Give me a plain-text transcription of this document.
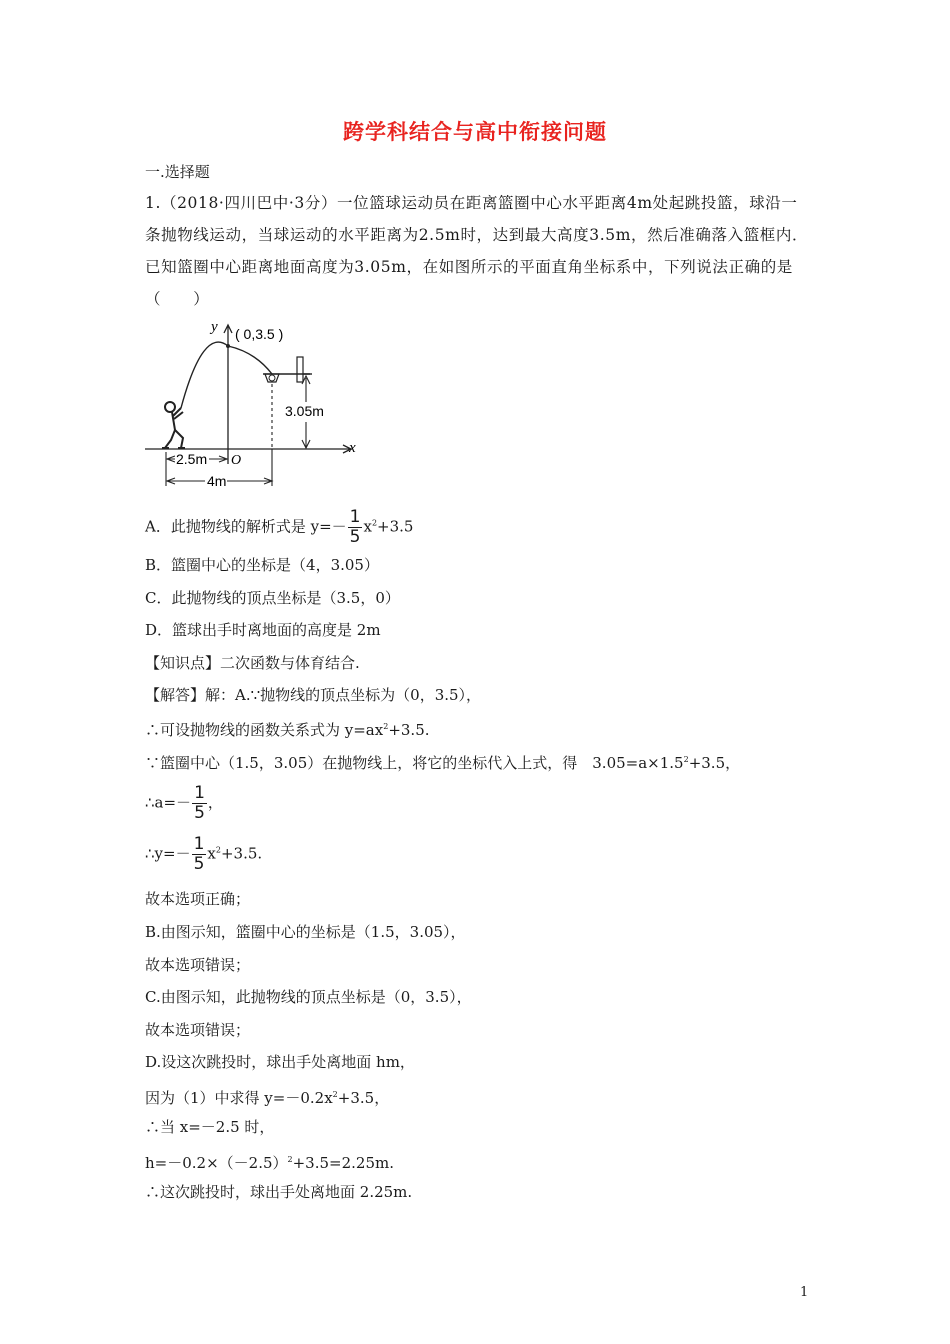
跨学科结合与高中衔接问题
一.选择题
1.（2018·四川巴中·3分）一位篮球运动员在距离篮圈中心水平距离4m处起跳投篮，球沿一条抛物线运动，当球运动的水平距离为2.5m时，达到最大高度3.5m，然后准确落入篮框内．已知篮圈中心距离地面高度为3.05m，在如图所示的平面直角坐标系中，下列说法正确的是（　　）
x
y ( 0,3.5 )
3.05m
O
2.5m
4m
A．此抛物线的解析式是 $y=- \frac{1}{5} x^2+3.5$
B．篮圈中心的坐标是（4，3.05）
C．此抛物线的顶点坐标是（3.5，0）
D．篮球出手时离地面的高度是 2m
【知识点】二次函数与体育结合.
【解答】解：A.∵抛物线的顶点坐标为（0，3.5），
∴可设抛物线的函数关系式为 $y=ax^2+3.5$.
∵篮圈中心（1.5，3.05）在抛物线上，将它的坐标代入上式，得　$3.05=a\times 1.5^2+3.5$，
∴a=－ $\frac{1}{5}$ ，
∴y=－ $\frac{1}{5} x^2+3.5$.
故本选项正确；
B.由图示知，篮圈中心的坐标是（1.5，3.05），
故本选项错误；
C.由图示知，此抛物线的顶点坐标是（0，3.5），
故本选项错误；
D.设这次跳投时，球出手处离地面 hm，
因为（1）中求得 $y=-0.2x^2+3.5$，
∴当 x=－2.5 时，
$h=-0.2\times(-2.5)^2+3.5=2.25m$.
∴这次跳投时，球出手处离地面 2.25m.
1
